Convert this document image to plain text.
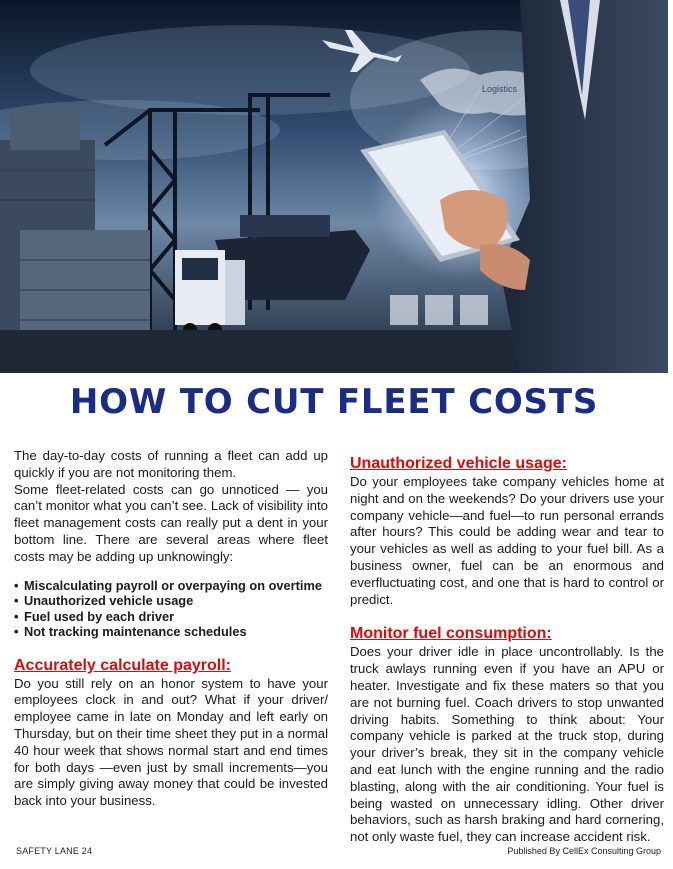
Logistics
HOW TO CUT FLEET COSTS

The day-to-day costs of running a fleet can add up quickly if you are not monitoring them.

Some fleet-related costs can go unnoticed — you can’t monitor what you can’t see. Lack of visibility into fleet management costs can really put a dent in your bottom line. There are several areas where fleet costs may be adding up unknowingly:

• Miscalculating payroll or overpaying on overtime
• Unauthorized vehicle usage
• Fuel used by each driver
• Not tracking maintenance schedules
Accurately calculate payroll:

Do you still rely on an honor system to have your employees clock in and out? What if your driver/ employee came in late on Monday and left early on Thursday, but on their time sheet they put in a normal 40 hour week that shows normal start and end times for both days —even just by small increments—you are simply giving away money that could be invested back into your business.

Unauthorized vehicle usage:

Do your employees take company vehicles home at night and on the weekends? Do your drivers use your company vehicle—and fuel—to run personal errands after hours? This could be adding wear and tear to your vehicles as well as adding to your fuel bill. As a business owner, fuel can be an enormous and everfluctuating cost, and one that is hard to control or predict.

Monitor fuel consumption:

Does your driver idle in place uncontrollably. Is the truck awlays running even if you have an APU or heater. Investigate and fix these maters so that you are not burning fuel. Coach drivers to stop unwanted driving habits. Something to think about: Your company vehicle is parked at the truck stop, during your driver’s break, they sit in the company vehicle and eat lunch with the engine running and the radio blasting, along with the air conditioning. Your fuel is being wasted on unnecessary idling. Other driver behaviors, such as harsh braking and hard cornering, not only waste fuel, they can increase accident risk.

SAFETY LANE 24	Published By CellEx Consulting Group
